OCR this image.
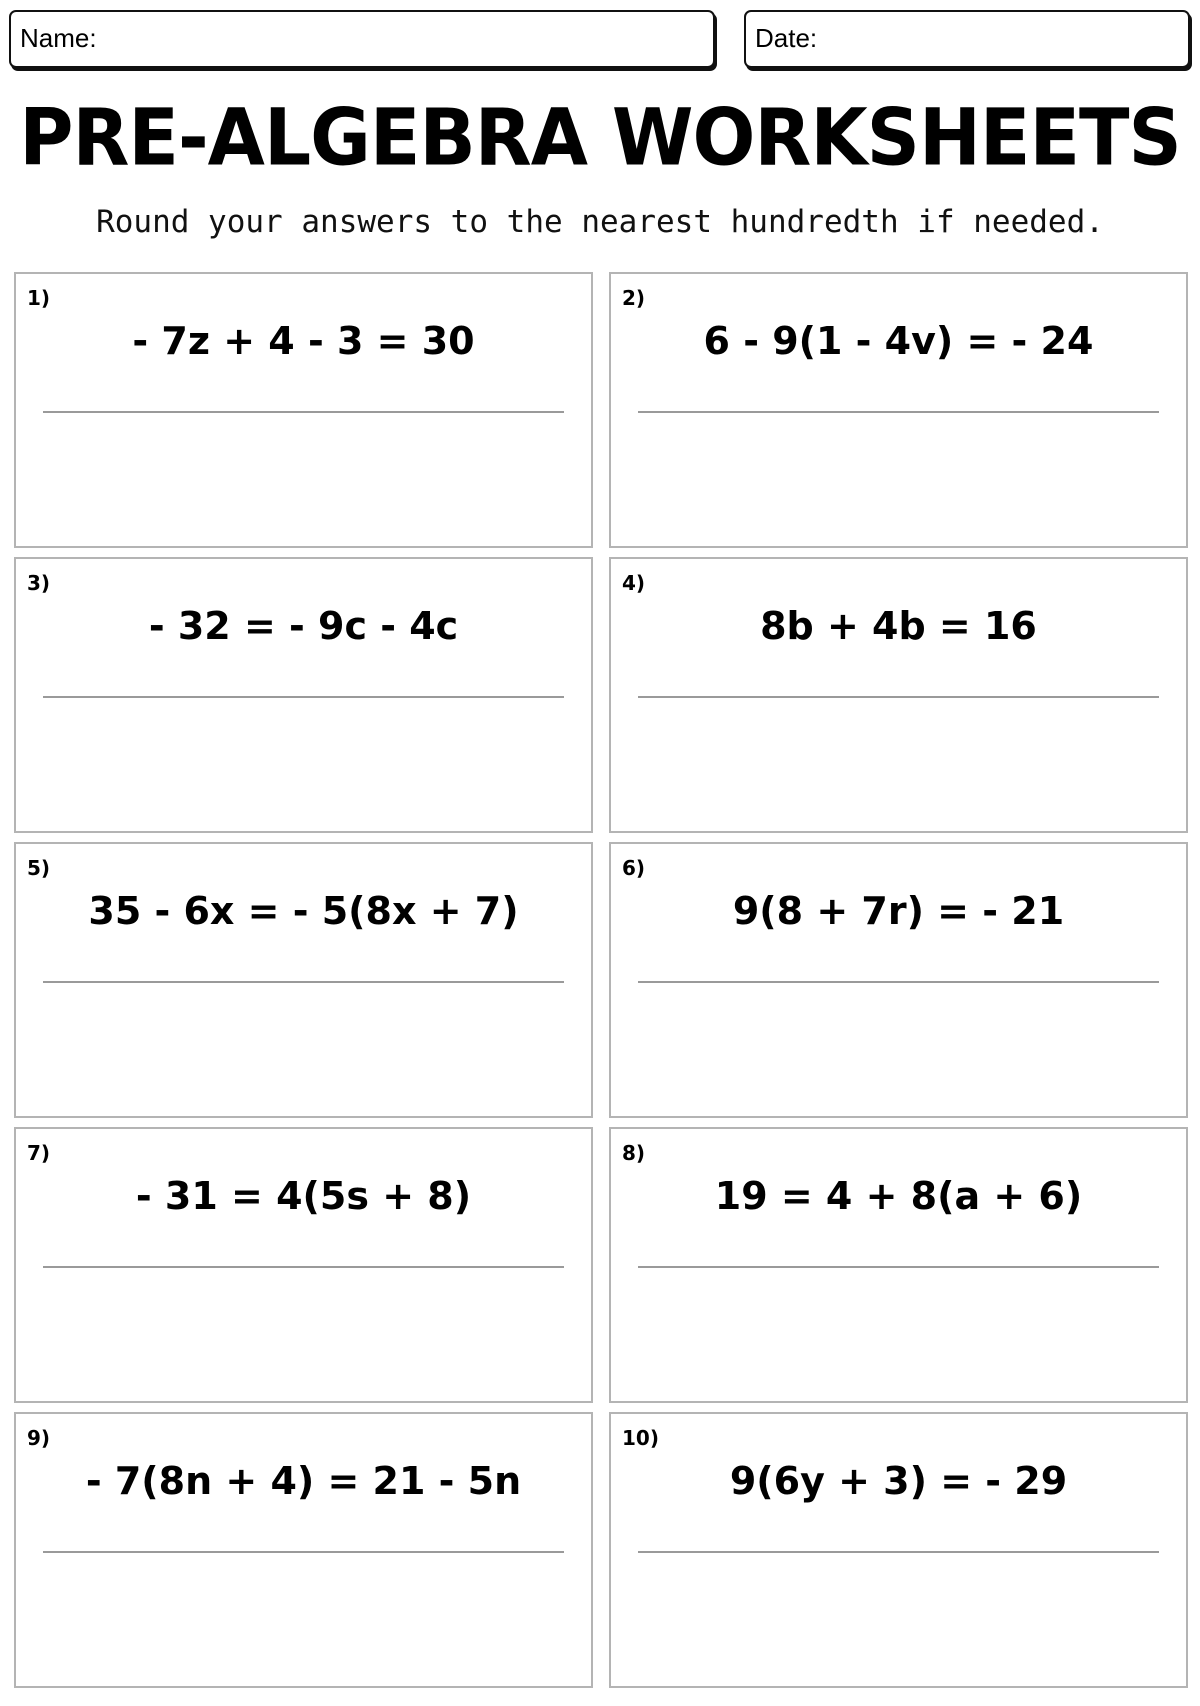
Name:	Date:
PRE-ALGEBRA WORKSHEETS
Round your answers to the nearest hundredth if needed.
1)
- 7z + 4 - 3 = 30
2)
6 - 9(1 - 4v) = - 24
3)
- 32 = - 9c - 4c
4)
8b + 4b = 16
5)
35 - 6x = - 5(8x + 7)
6)
9(8 + 7r) = - 21
7)
- 31 = 4(5s + 8)
8)
19 = 4 + 8(a + 6)
9)
- 7(8n + 4) = 21 - 5n
10)
9(6y + 3) = - 29
